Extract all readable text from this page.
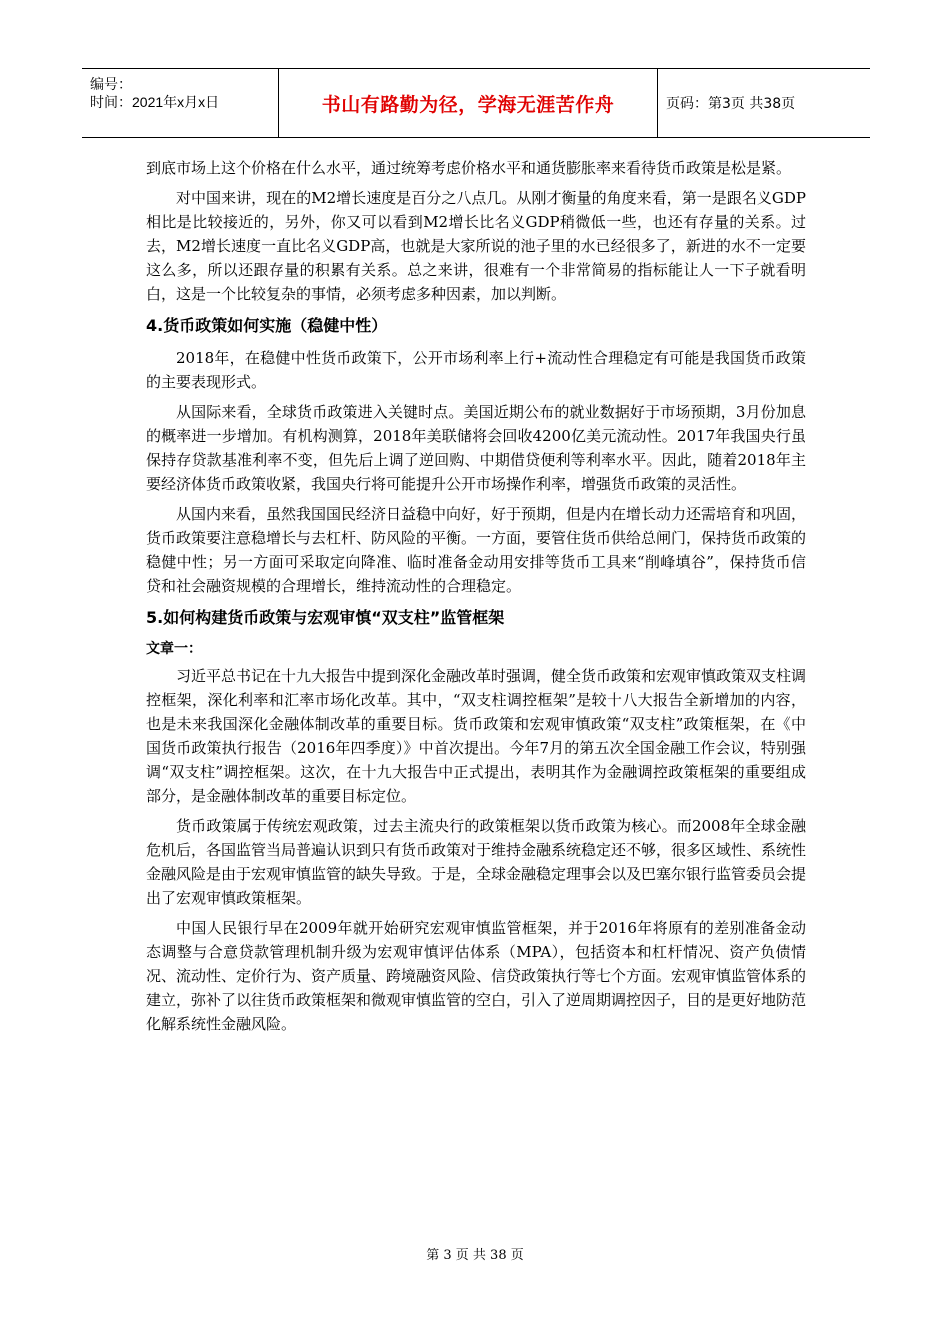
编号：
时间：2021年x月x日	书山有路勤为径，学海无涯苦作舟	页码：第3页 共38页

到底市场上这个价格在什么水平，通过统筹考虑价格水平和通货膨胀率来看待货币政策是松是紧。

对中国来讲，现在的M2增长速度是百分之八点几。从刚才衡量的角度来看，第一是跟名义GDP相比是比较接近的，另外，你又可以看到M2增长比名义GDP稍微低一些，也还有存量的关系。过去，M2增长速度一直比名义GDP高，也就是大家所说的池子里的水已经很多了，新进的水不一定要这么多，所以还跟存量的积累有关系。总之来讲，很难有一个非常简易的指标能让人一下子就看明白，这是一个比较复杂的事情，必须考虑多种因素，加以判断。

4.货币政策如何实施（稳健中性）

2018年，在稳健中性货币政策下，公开市场利率上行+流动性合理稳定有可能是我国货币政策的主要表现形式。

从国际来看，全球货币政策进入关键时点。美国近期公布的就业数据好于市场预期，3月份加息的概率进一步增加。有机构测算，2018年美联储将会回收4200亿美元流动性。2017年我国央行虽保持存贷款基准利率不变，但先后上调了逆回购、中期借贷便利等利率水平。因此，随着2018年主要经济体货币政策收紧，我国央行将可能提升公开市场操作利率，增强货币政策的灵活性。

从国内来看，虽然我国国民经济日益稳中向好，好于预期，但是内在增长动力还需培育和巩固，货币政策要注意稳增长与去杠杆、防风险的平衡。一方面，要管住货币供给总闸门，保持货币政策的稳健中性；另一方面可采取定向降准、临时准备金动用安排等货币工具来“削峰填谷”，保持货币信贷和社会融资规模的合理增长，维持流动性的合理稳定。

5.如何构建货币政策与宏观审慎“双支柱”监管框架
文章一：

习近平总书记在十九大报告中提到深化金融改革时强调，健全货币政策和宏观审慎政策双支柱调控框架，深化利率和汇率市场化改革。其中，“双支柱调控框架”是较十八大报告全新增加的内容，也是未来我国深化金融体制改革的重要目标。货币政策和宏观审慎政策“双支柱”政策框架，在《中国货币政策执行报告（2016年四季度）》中首次提出。今年7月的第五次全国金融工作会议，特别强调“双支柱”调控框架。这次，在十九大报告中正式提出，表明其作为金融调控政策框架的重要组成部分，是金融体制改革的重要目标定位。

货币政策属于传统宏观政策，过去主流央行的政策框架以货币政策为核心。而2008年全球金融危机后，各国监管当局普遍认识到只有货币政策对于维持金融系统稳定还不够，很多区域性、系统性金融风险是由于宏观审慎监管的缺失导致。于是，全球金融稳定理事会以及巴塞尔银行监管委员会提出了宏观审慎政策框架。

中国人民银行早在2009年就开始研究宏观审慎监管框架，并于2016年将原有的差别准备金动态调整与合意贷款管理机制升级为宏观审慎评估体系（MPA），包括资本和杠杆情况、资产负债情况、流动性、定价行为、资产质量、跨境融资风险、信贷政策执行等七个方面。宏观审慎监管体系的建立，弥补了以往货币政策框架和微观审慎监管的空白，引入了逆周期调控因子，目的是更好地防范化解系统性金融风险。

第 3 页 共 38 页
